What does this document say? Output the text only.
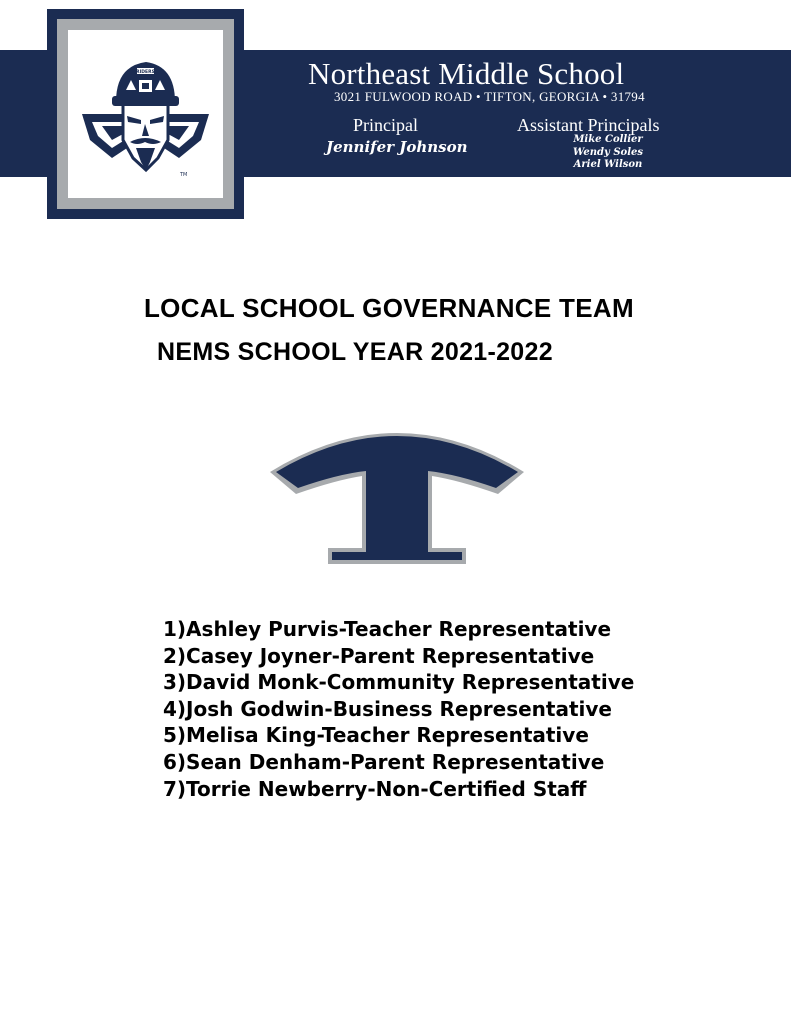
RIDERS
TM
Northeast Middle School
3021 FULWOOD ROAD • TIFTON, GEORGIA • 31794
Principal
Jennifer Johnson
Assistant Principals
Mike Collier
Wendy Soles
Ariel Wilson
LOCAL SCHOOL GOVERNANCE TEAM
NEMS SCHOOL YEAR 2021-2022
1)Ashley Purvis-Teacher Representative
2)Casey Joyner-Parent Representative
3)David Monk-Community Representative
4)Josh Godwin-Business Representative
5)Melisa King-Teacher Representative
6)Sean Denham-Parent Representative
7)Torrie Newberry-Non-Certified Staff
